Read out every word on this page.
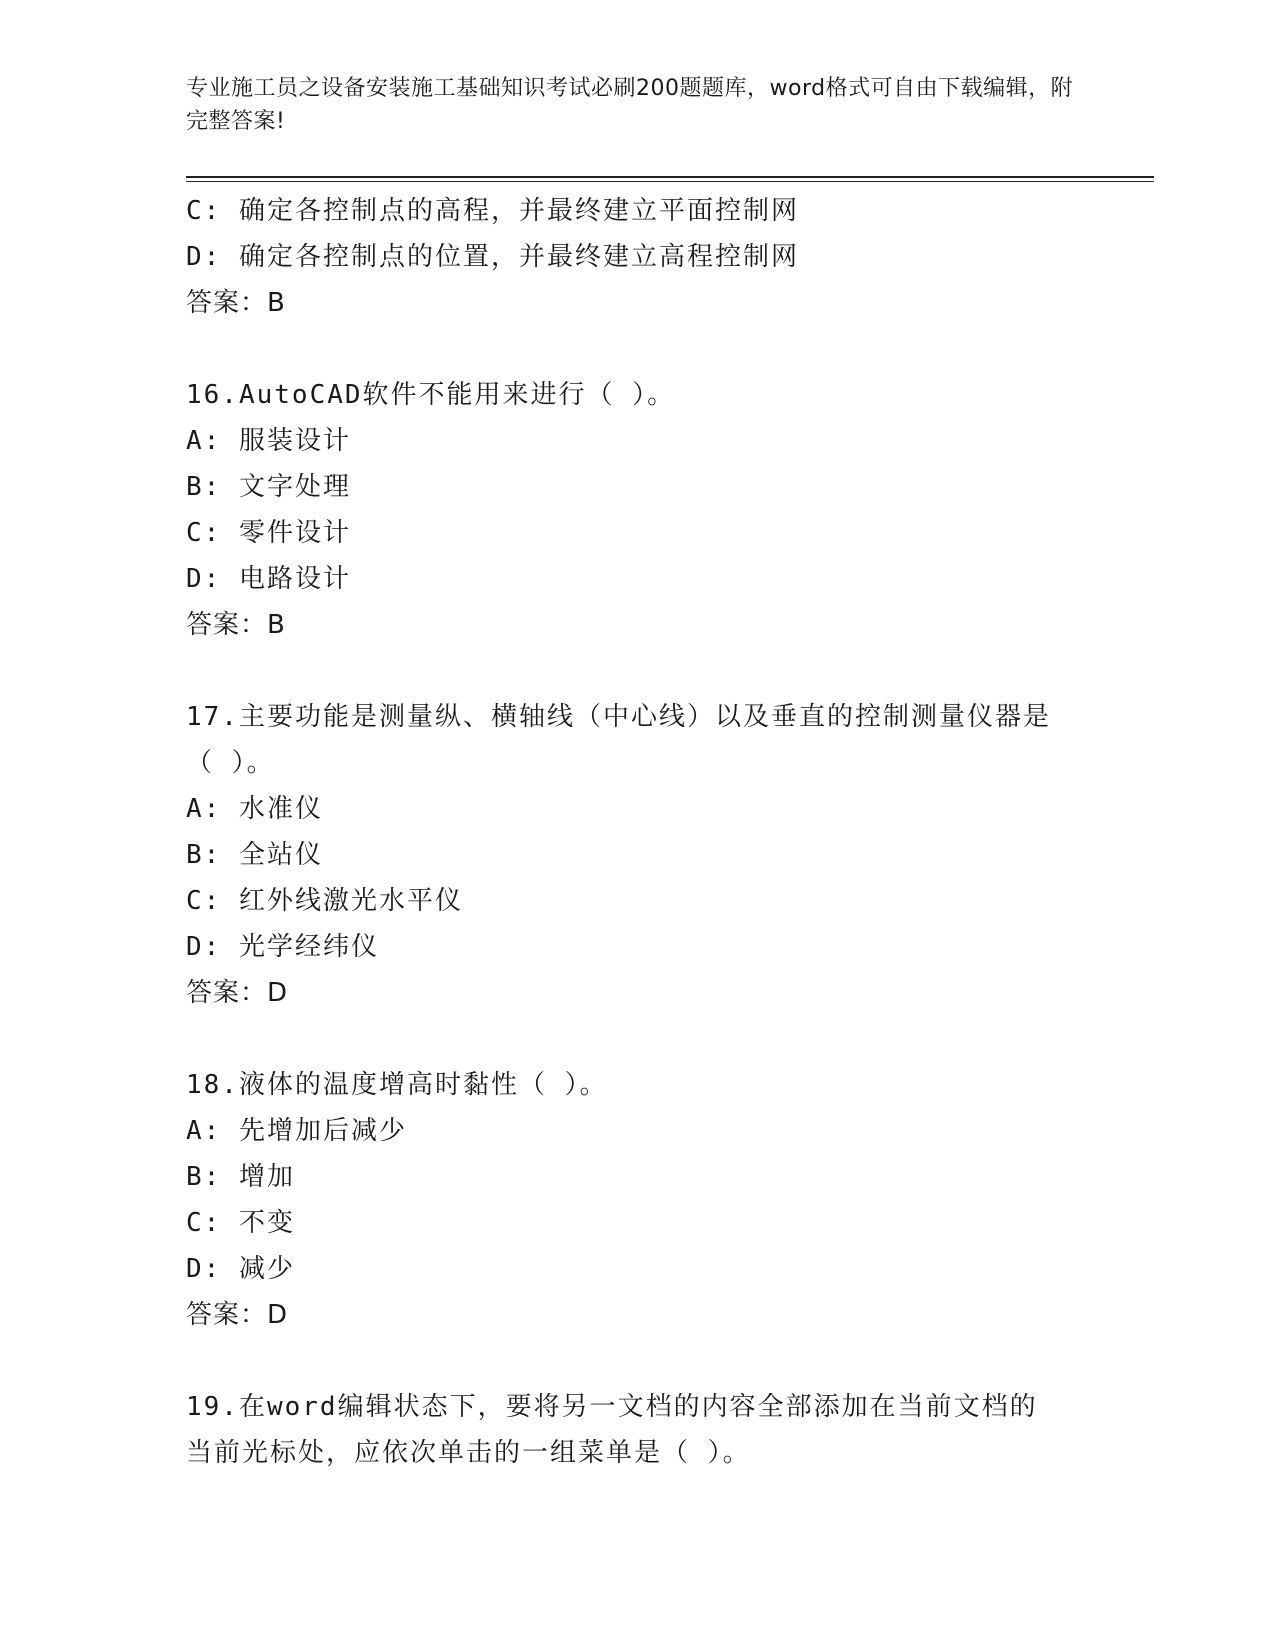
专业施工员之设备安装施工基础知识考试必刷200题题库，word格式可自由下载编辑，附完整答案!
C: 确定各控制点的高程，并最终建立平面控制网
D: 确定各控制点的位置，并最终建立高程控制网
答案：B
16.AutoCAD软件不能用来进行（ ）。
A: 服装设计
B: 文字处理
C: 零件设计
D: 电路设计
答案：B
17.主要功能是测量纵、横轴线（中心线）以及垂直的控制测量仪器是（ ）。
A: 水准仪
B: 全站仪
C: 红外线激光水平仪
D: 光学经纬仪
答案：D
18.液体的温度增高时黏性（ ）。
A: 先增加后减少
B: 增加
C: 不变
D: 减少
答案：D
19.在word编辑状态下，要将另一文档的内容全部添加在当前文档的当前光标处，应依次单击的一组菜单是（ ）。
